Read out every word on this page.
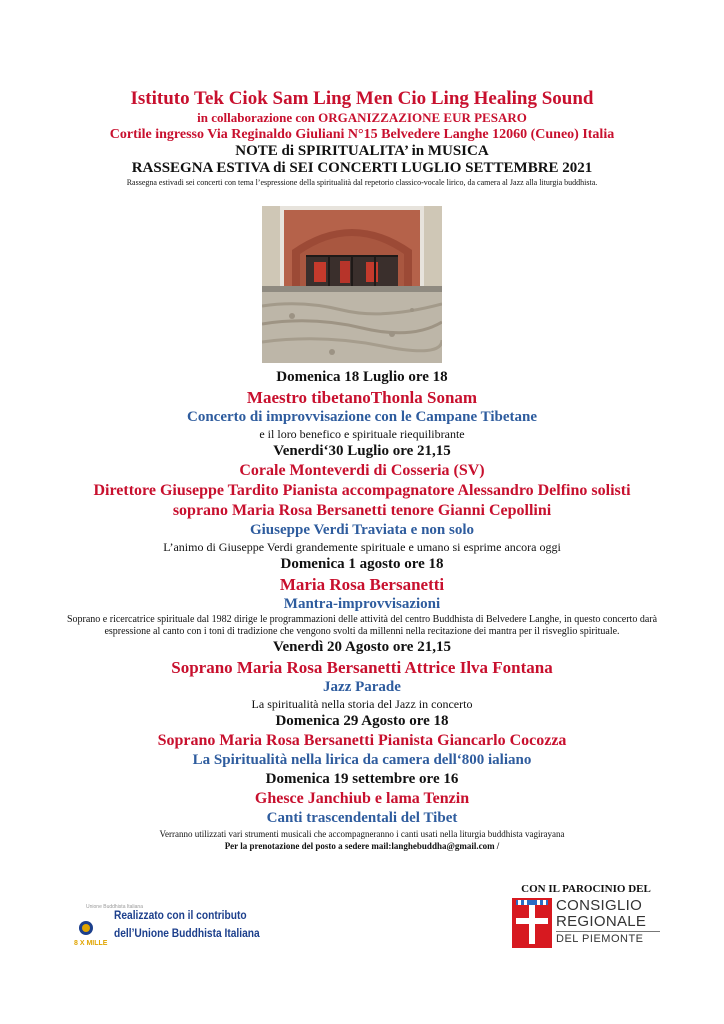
Istituto Tek Ciok Sam Ling Men Cio Ling Healing Sound

in collaborazione con ORGANIZZAZIONE EUR PESARO

Cortile ingresso Via Reginaldo Giuliani N°15 Belvedere Langhe 12060 (Cuneo) Italia

NOTE di SPIRITUALITA’ in MUSICA

RASSEGNA ESTIVA di SEI CONCERTI LUGLIO SETTEMBRE 2021

Rassegna estivadi sei concerti con tema l’espressione della spiritualità dal repetorio classico-vocale lirico, da camera al Jazz alla liturgia buddhista.

Domenica 18 Luglio ore 18

Maestro tibetanoThonla Sonam

Concerto di improvvisazione con le Campane Tibetane

e il loro benefico e spirituale riequilibrante

Venerdi‘30 Luglio ore 21,15

Corale Monteverdi di Cosseria (SV)

Direttore Giuseppe Tardito Pianista accompagnatore Alessandro Delfino solisti

soprano Maria Rosa Bersanetti tenore Gianni Cepollini

Giuseppe Verdi Traviata e non solo

L’animo di Giuseppe Verdi grandemente spirituale e umano si esprime ancora oggi

Domenica 1 agosto ore 18

Maria Rosa Bersanetti

Mantra-improvvisazioni

Soprano e ricercatrice spirituale dal 1982 dirige le programmazioni delle attività del centro Buddhista di Belvedere Langhe, in questo concerto darà espressione al canto con i toni di tradizione che vengono svolti da millenni nella recitazione dei mantra per il risveglio spirituale.

Venerdì 20 Agosto ore 21,15

Soprano Maria Rosa Bersanetti Attrice Ilva Fontana

Jazz Parade

La spiritualità nella storia del Jazz in concerto

Domenica 29 Agosto ore 18

Soprano Maria Rosa Bersanetti Pianista Giancarlo Cocozza

La Spiritualità nella lirica da camera dell‘800 ialiano

Domenica 19 settembre ore 16

Ghesce Janchiub e lama Tenzin

Canti trascendentali del Tibet

Verranno utilizzati vari strumenti musicali che accompagneranno i canti usati nella liturgia buddhista vagirayana

Per la prenotazione del posto a sedere mail:langhebuddha@gmail.com /

CON IL PAROCINIO DEL
CONSIGLIO
REGIONALE
DEL PIEMONTE
Unione Buddhista Italiana
8 X MILLE
Realizzato con il contributo
dell’Unione Buddhista Italiana
